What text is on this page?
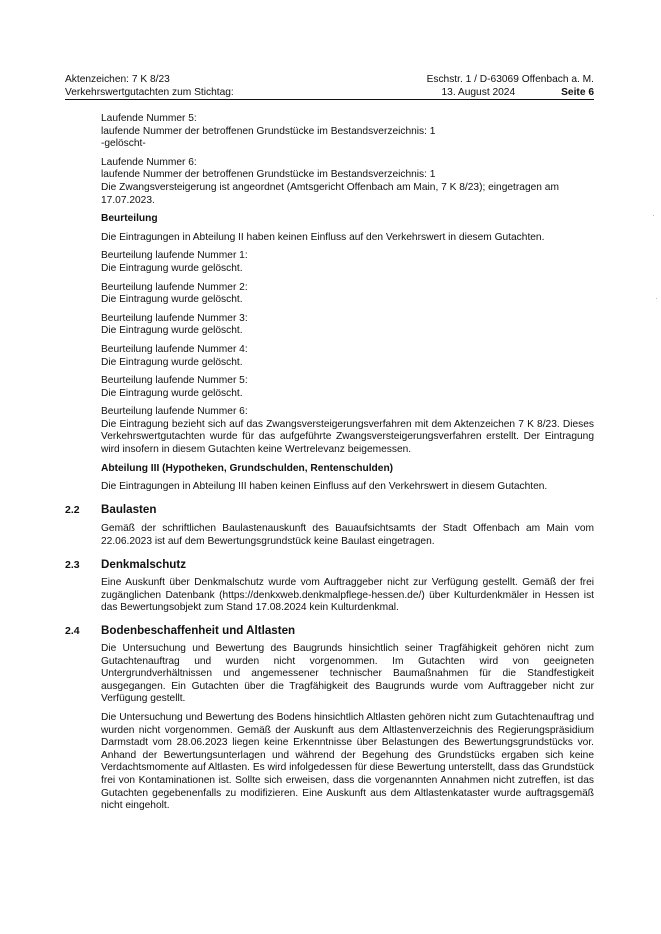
Aktenzeichen: 7 K 8/23	Eschstr. 1 / D-63069 Offenbach a. M.
Verkehrswertgutachten zum Stichtag:	13. August 2024	Seite 6

Laufende Nummer 5:
laufende Nummer der betroffenen Grundstücke im Bestandsverzeichnis: 1
-gelöscht-

Laufende Nummer 6:
laufende Nummer der betroffenen Grundstücke im Bestandsverzeichnis: 1
Die Zwangsversteigerung ist angeordnet (Amtsgericht Offenbach am Main, 7 K 8/23); eingetragen am
17.07.2023.

Beurteilung

Die Eintragungen in Abteilung II haben keinen Einfluss auf den Verkehrswert in diesem Gutachten.

Beurteilung laufende Nummer 1:
Die Eintragung wurde gelöscht.

Beurteilung laufende Nummer 2:
Die Eintragung wurde gelöscht.

Beurteilung laufende Nummer 3:
Die Eintragung wurde gelöscht.

Beurteilung laufende Nummer 4:
Die Eintragung wurde gelöscht.

Beurteilung laufende Nummer 5:
Die Eintragung wurde gelöscht.

Beurteilung laufende Nummer 6:

Die Eintragung bezieht sich auf das Zwangsversteigerungsverfahren mit dem Aktenzeichen 7 K 8/23. Dieses Verkehrswertgutachten wurde für das aufgeführte Zwangsversteigerungsverfahren erstellt. Der Eintragung wird insofern in diesem Gutachten keine Wertrelevanz beigemessen.

Abteilung III (Hypotheken, Grundschulden, Rentenschulden)

Die Eintragungen in Abteilung III haben keinen Einfluss auf den Verkehrswert in diesem Gutachten.

2.2	Baulasten
Gemäß der schriftlichen Baulastenauskunft des Bauaufsichtsamts der Stadt Offenbach am Main vom 22.06.2023 ist auf dem Bewertungsgrundstück keine Baulast eingetragen.
2.3	Denkmalschutz
Eine Auskunft über Denkmalschutz wurde vom Auftraggeber nicht zur Verfügung gestellt. Gemäß der frei zugänglichen Datenbank (https://denkxweb.denkmalpflege-hessen.de/) über Kulturdenkmäler in Hessen ist das Bewertungsobjekt zum Stand 17.08.2024 kein Kulturdenkmal.
2.4	Bodenbeschaffenheit und Altlasten

Die Untersuchung und Bewertung des Baugrunds hinsichtlich seiner Tragfähigkeit gehören nicht zum Gutachtenauftrag und wurden nicht vorgenommen. Im Gutachten wird von geeigneten Untergrundverhältnissen und angemessener technischer Baumaßnahmen für die Standfestigkeit ausgegangen. Ein Gutachten über die Tragfähigkeit des Baugrunds wurde vom Auftraggeber nicht zur Verfügung gestellt.

Die Untersuchung und Bewertung des Bodens hinsichtlich Altlasten gehören nicht zum Gutachtenauftrag und wurden nicht vorgenommen. Gemäß der Auskunft aus dem Altlastenverzeichnis des Regierungspräsidium Darmstadt vom 28.06.2023 liegen keine Erkenntnisse über Belastungen des Bewertungsgrundstücks vor. Anhand der Bewertungsunterlagen und während der Begehung des Grundstücks ergaben sich keine Verdachtsmomente auf Altlasten. Es wird infolgedessen für diese Bewertung unterstellt, dass das Grundstück frei von Kontaminationen ist. Sollte sich erweisen, dass die vorgenannten Annahmen nicht zutreffen, ist das Gutachten gegebenenfalls zu modifizieren. Eine Auskunft aus dem Altlastenkataster wurde auftragsgemäß nicht eingeholt.

·
·
